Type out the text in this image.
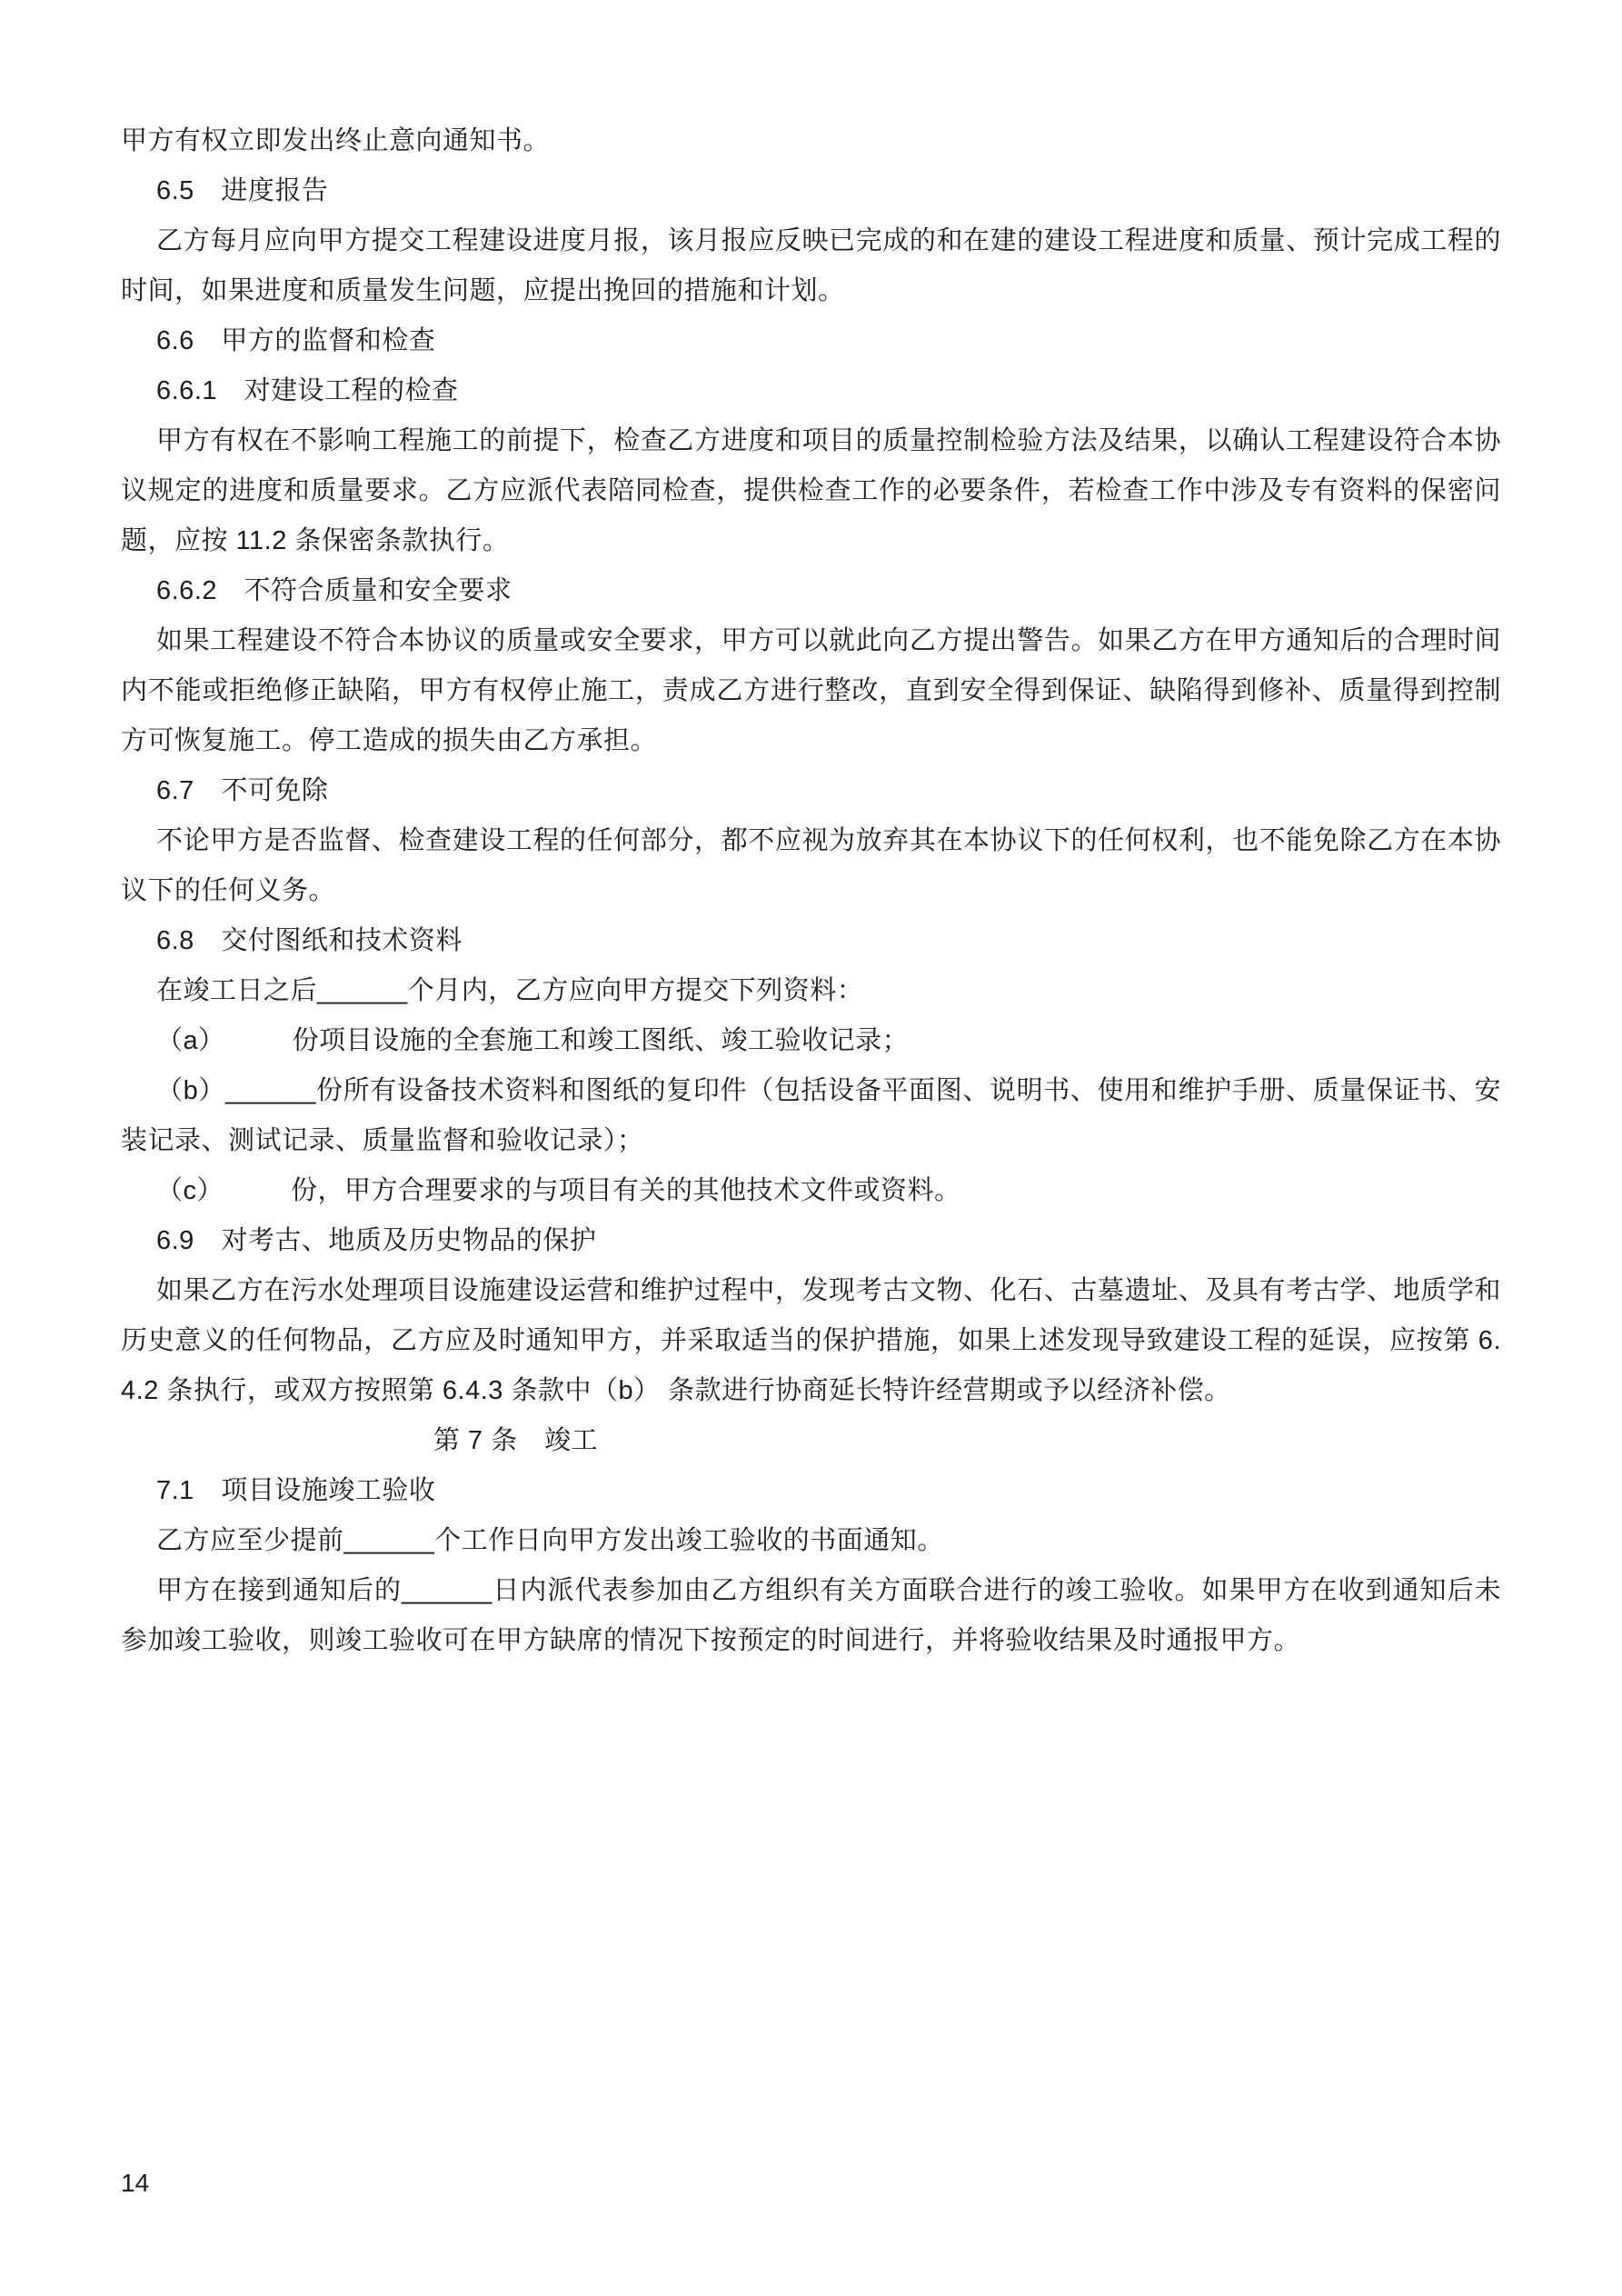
甲方有权立即发出终止意向通知书。

6.5　进度报告

乙方每月应向甲方提交工程建设进度月报，该月报应反映已完成的和在建的建设工程进度和质量、预计完成工程的时间，如果进度和质量发生问题，应提出挽回的措施和计划。

6.6　甲方的监督和检查

6.6.1　对建设工程的检查

甲方有权在不影响工程施工的前提下，检查乙方进度和项目的质量控制检验方法及结果，以确认工程建设符合本协议规定的进度和质量要求。乙方应派代表陪同检查，提供检查工作的必要条件，若检查工作中涉及专有资料的保密问题，应按 11.2 条保密条款执行。

6.6.2　不符合质量和安全要求

如果工程建设不符合本协议的质量或安全要求，甲方可以就此向乙方提出警告。如果乙方在甲方通知后的合理时间内不能或拒绝修正缺陷，甲方有权停止施工，责成乙方进行整改，直到安全得到保证、缺陷得到修补、质量得到控制方可恢复施工。停工造成的损失由乙方承担。

6.7　不可免除

不论甲方是否监督、检查建设工程的任何部分，都不应视为放弃其在本协议下的任何权利，也不能免除乙方在本协议下的任何义务。

6.8　交付图纸和技术资料

在竣工日之后______个月内，乙方应向甲方提交下列资料：

（a）　　　份项目设施的全套施工和竣工图纸、竣工验收记录；

（b）______份所有设备技术资料和图纸的复印件（包括设备平面图、说明书、使用和维护手册、质量保证书、安装记录、测试记录、质量监督和验收记录）；

（c）　　　份，甲方合理要求的与项目有关的其他技术文件或资料。

6.9　对考古、地质及历史物品的保护

如果乙方在污水处理项目设施建设运营和维护过程中，发现考古文物、化石、古墓遗址、及具有考古学、地质学和历史意义的任何物品，乙方应及时通知甲方，并采取适当的保护措施，如果上述发现导致建设工程的延误，应按第 6.4.2 条执行，或双方按照第 6.4.3 条款中（b） 条款进行协商延长特许经营期或予以经济补偿。

第 7 条　竣工

7.1　项目设施竣工验收

乙方应至少提前______个工作日向甲方发出竣工验收的书面通知。

甲方在接到通知后的______日内派代表参加由乙方组织有关方面联合进行的竣工验收。如果甲方在收到通知后未参加竣工验收，则竣工验收可在甲方缺席的情况下按预定的时间进行，并将验收结果及时通报甲方。

14
